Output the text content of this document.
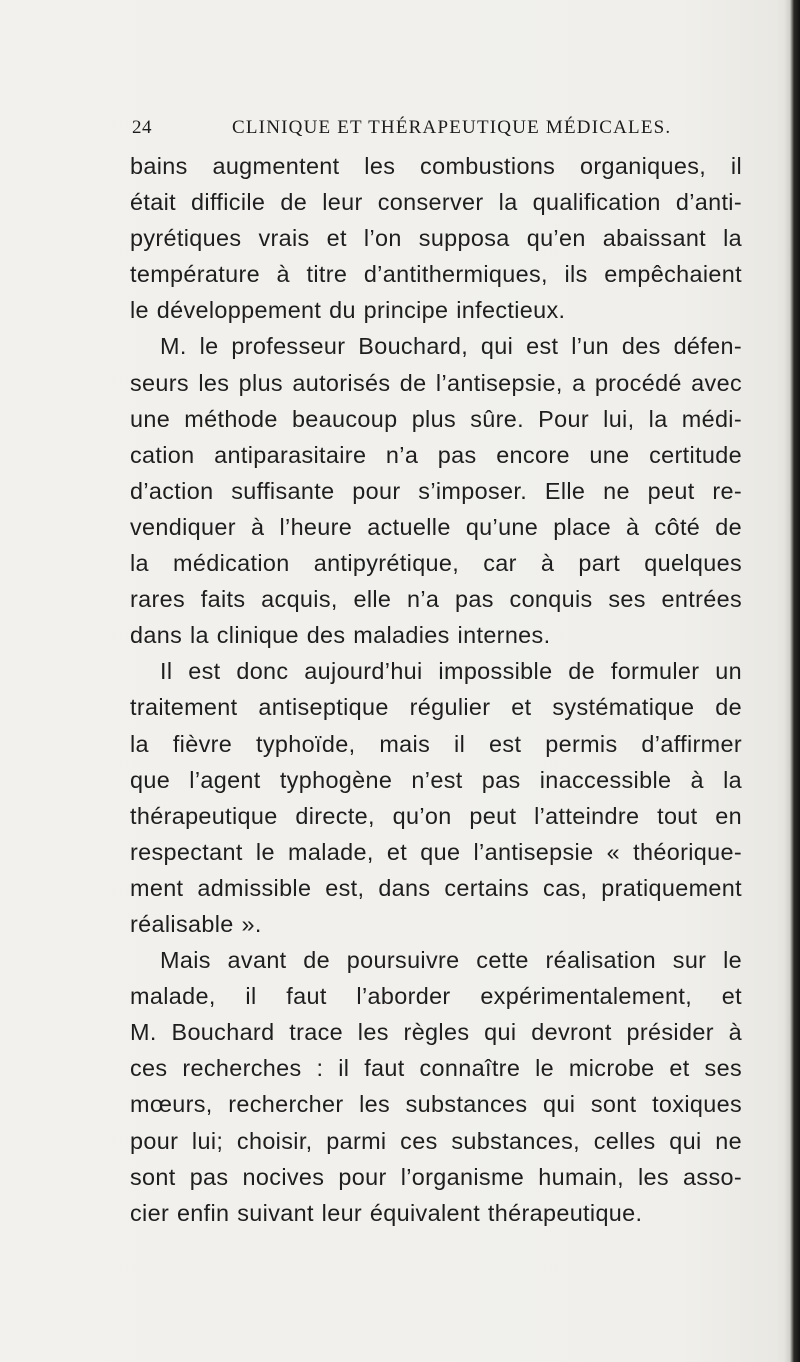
24	CLINIQUE ET THÉRAPEUTIQUE MÉDICALES.
bains augmentent les combustions organiques, il
était difficile de leur conserver la qualification d’anti-
pyrétiques vrais et l’on supposa qu’en abaissant la
température à titre d’antithermiques, ils empêchaient
le développement du principe infectieux.
M. le professeur Bouchard, qui est l’un des défen-
seurs les plus autorisés de l’antisepsie, a procédé avec
une méthode beaucoup plus sûre. Pour lui, la médi-
cation antiparasitaire n’a pas encore une certitude
d’action suffisante pour s’imposer. Elle ne peut re-
vendiquer à l’heure actuelle qu’une place à côté de
la médication antipyrétique, car à part quelques
rares faits acquis, elle n’a pas conquis ses entrées
dans la clinique des maladies internes.
Il est donc aujourd’hui impossible de formuler un
traitement antiseptique régulier et systématique de
la fièvre typhoïde, mais il est permis d’affirmer
que l’agent typhogène n’est pas inaccessible à la
thérapeutique directe, qu’on peut l’atteindre tout en
respectant le malade, et que l’antisepsie « théorique-
ment admissible est, dans certains cas, pratiquement
réalisable ».
Mais avant de poursuivre cette réalisation sur le
malade, il faut l’aborder expérimentalement, et
M. Bouchard trace les règles qui devront présider à
ces recherches : il faut connaître le microbe et ses
mœurs, rechercher les substances qui sont toxiques
pour lui; choisir, parmi ces substances, celles qui ne
sont pas nocives pour l’organisme humain, les asso-
cier enfin suivant leur équivalent thérapeutique.
